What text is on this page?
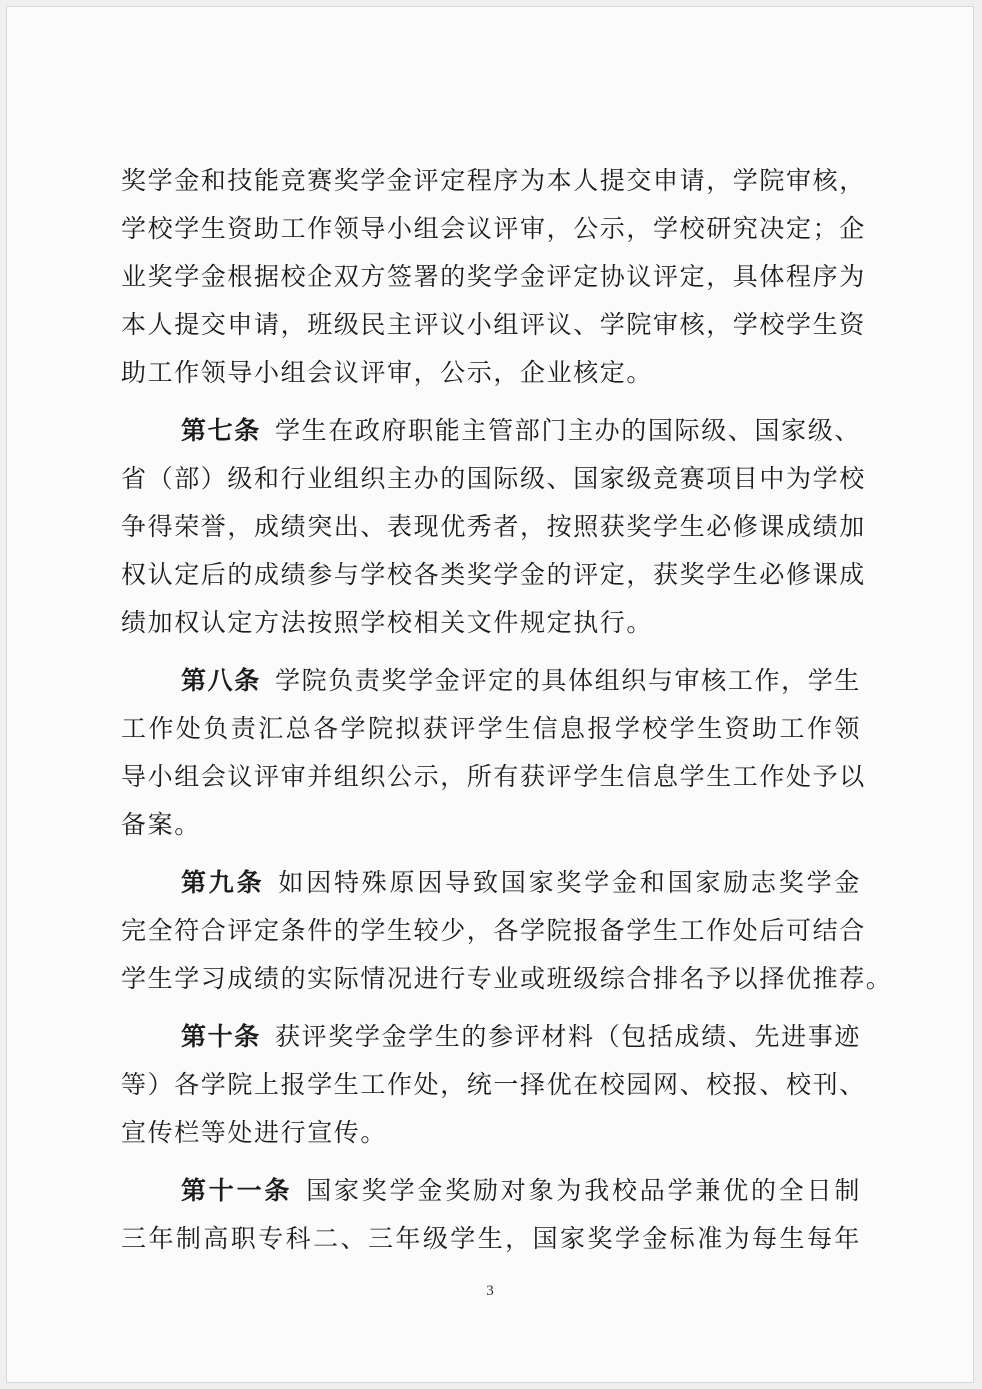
奖学金和技能竞赛奖学金评定程序为本人提交申请，学院审核，
学校学生资助工作领导小组会议评审，公示，学校研究决定；企
业奖学金根据校企双方签署的奖学金评定协议评定，具体程序为
本人提交申请，班级民主评议小组评议、学院审核，学校学生资
助工作领导小组会议评审，公示，企业核定。
第七条 学生在政府职能主管部门主办的国际级、国家级、
省（部）级和行业组织主办的国际级、国家级竞赛项目中为学校
争得荣誉，成绩突出、表现优秀者，按照获奖学生必修课成绩加
权认定后的成绩参与学校各类奖学金的评定，获奖学生必修课成
绩加权认定方法按照学校相关文件规定执行。
第八条 学院负责奖学金评定的具体组织与审核工作，学生
工作处负责汇总各学院拟获评学生信息报学校学生资助工作领
导小组会议评审并组织公示，所有获评学生信息学生工作处予以
备案。
第九条 如因特殊原因导致国家奖学金和国家励志奖学金
完全符合评定条件的学生较少，各学院报备学生工作处后可结合
学生学习成绩的实际情况进行专业或班级综合排名予以择优推荐。
第十条 获评奖学金学生的参评材料（包括成绩、先进事迹
等）各学院上报学生工作处，统一择优在校园网、校报、校刊、
宣传栏等处进行宣传。
第十一条 国家奖学金奖励对象为我校品学兼优的全日制
三年制高职专科二、三年级学生，国家奖学金标准为每生每年
3
